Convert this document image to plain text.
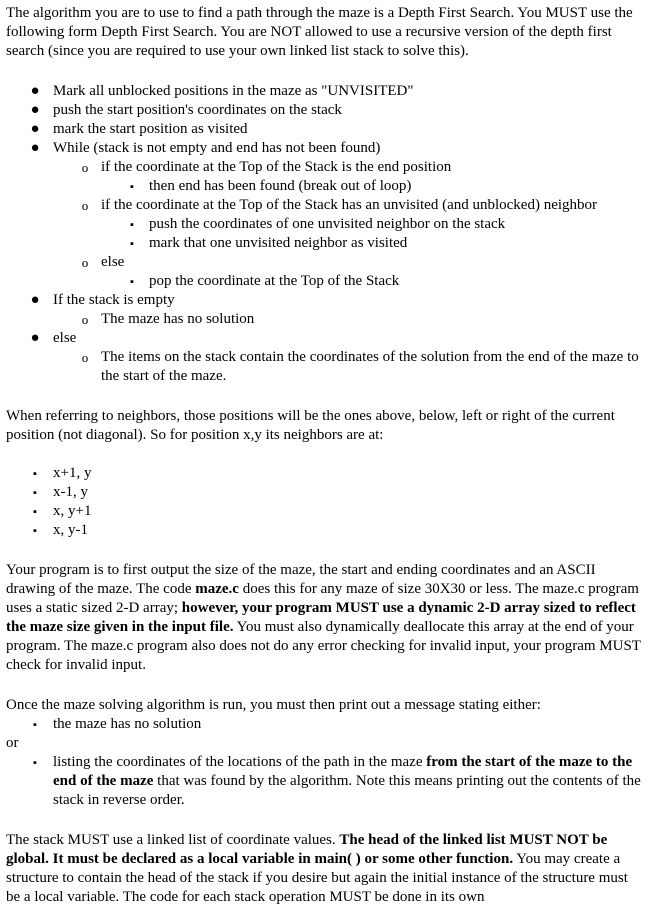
The algorithm you are to use to find a path through the maze is a Depth First Search. You MUST use the following form Depth First Search. You are NOT allowed to use a recursive version of the depth first search (since you are required to use your own linked list stack to solve this).

● Mark all unblocked positions in the maze as "UNVISITED"
● push the start position's coordinates on the stack
● mark the start position as visited
● While (stack is not empty and end has not been found)
o if the coordinate at the Top of the Stack is the end position
▪	then end has been found (break out of loop)
o if the coordinate at the Top of the Stack has an unvisited (and unblocked) neighbor
▪	push the coordinates of one unvisited neighbor on the stack
▪	mark that one unvisited neighbor as visited
o else
▪	pop the coordinate at the Top of the Stack
● If the stack is empty
o The maze has no solution
● else
o The items on the stack contain the coordinates of the solution from the end of the maze to the start of the maze.

When referring to neighbors, those positions will be the ones above, below, left or right of the current position (not diagonal). So for position x,y its neighbors are at:

▪	x+1, y
▪	x-1, y
▪	x, y+1
▪	x, y-1

Your program is to first output the size of the maze, the start and ending coordinates and an ASCII drawing of the maze. The code maze.c does this for any maze of size 30X30 or less. The maze.c program uses a static sized 2-D array; however, your program MUST use a dynamic 2-D array sized to reflect the maze size given in the input file. You must also dynamically deallocate this array at the end of your program. The maze.c program also does not do any error checking for invalid input, your program MUST check for invalid input.

Once the maze solving algorithm is run, you must then print out a message stating either:

▪	the maze has no solution

or

▪	listing the coordinates of the locations of the path in the maze from the start of the maze to the end of the maze that was found by the algorithm. Note this means printing out the contents of the stack in reverse order.

The stack MUST use a linked list of coordinate values. The head of the linked list MUST NOT be global. It must be declared as a local variable in main( ) or some other function. You may create a structure to contain the head of the stack if you desire but again the initial instance of the structure must be a local variable. The code for each stack operation MUST be done in its own
